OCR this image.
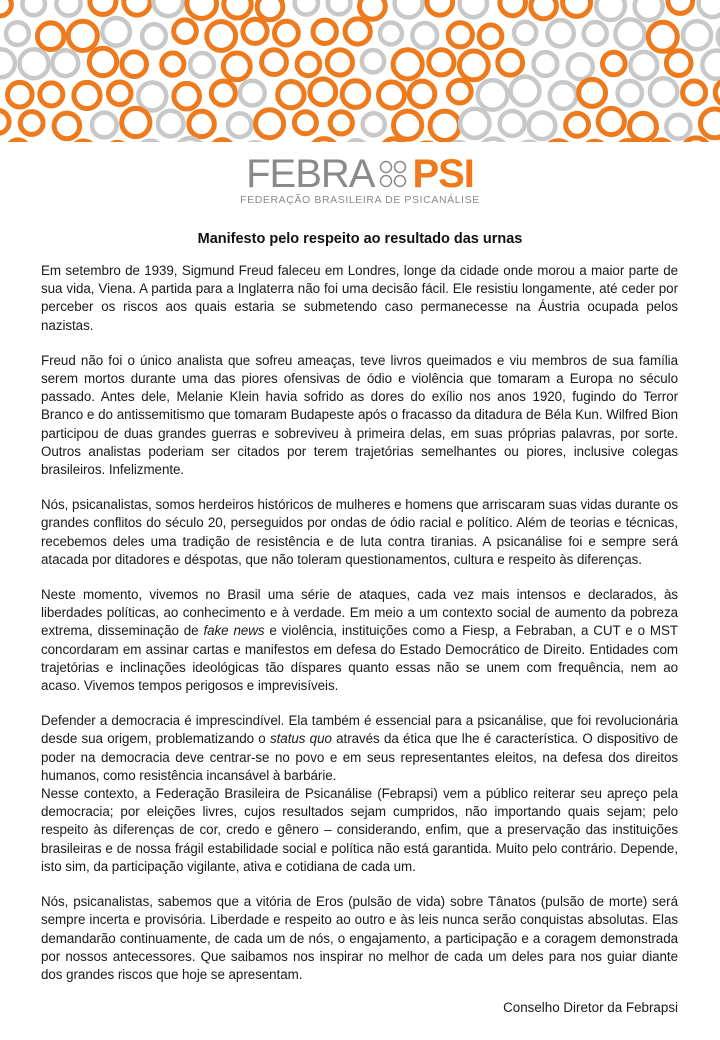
FEBRA PSI
FEDERAÇÃO BRASILEIRA DE PSICANÁLISE
Manifesto pelo respeito ao resultado das urnas

Em setembro de 1939, Sigmund Freud faleceu em Londres, longe da cidade onde morou a maior parte de sua vida, Viena. A partida para a Inglaterra não foi uma decisão fácil. Ele resistiu longamente, até ceder por perceber os riscos aos quais estaria se submetendo caso permanecesse na Áustria ocupada pelos nazistas.

Freud não foi o único analista que sofreu ameaças, teve livros queimados e viu membros de sua família serem mortos durante uma das piores ofensivas de ódio e violência que tomaram a Europa no século passado. Antes dele, Melanie Klein havia sofrido as dores do exílio nos anos 1920, fugindo do Terror Branco e do antissemitismo que tomaram Budapeste após o fracasso da ditadura de Béla Kun. Wilfred Bion participou de duas grandes guerras e sobreviveu à primeira delas, em suas próprias palavras, por sorte. Outros analistas poderiam ser citados por terem trajetórias semelhantes ou piores, inclusive colegas brasileiros. Infelizmente.

Nós, psicanalistas, somos herdeiros históricos de mulheres e homens que arriscaram suas vidas durante os grandes conflitos do século 20, perseguidos por ondas de ódio racial e político. Além de teorias e técnicas, recebemos deles uma tradição de resistência e de luta contra tiranias. A psicanálise foi e sempre será atacada por ditadores e déspotas, que não toleram questionamentos, cultura e respeito às diferenças.

Neste momento, vivemos no Brasil uma série de ataques, cada vez mais intensos e declarados, às liberdades políticas, ao conhecimento e à verdade. Em meio a um contexto social de aumento da pobreza extrema, disseminação de fake news e violência, instituições como a Fiesp, a Febraban, a CUT e o MST concordaram em assinar cartas e manifestos em defesa do Estado Democrático de Direito. Entidades com trajetórias e inclinações ideológicas tão díspares quanto essas não se unem com frequência, nem ao acaso. Vivemos tempos perigosos e imprevisíveis.

Defender a democracia é imprescindível. Ela também é essencial para a psicanálise, que foi revolucionária desde sua origem, problematizando o status quo através da ética que lhe é característica. O dispositivo de poder na democracia deve centrar-se no povo e em seus representantes eleitos, na defesa dos direitos humanos, como resistência incansável à barbárie.

Nesse contexto, a Federação Brasileira de Psicanálise (Febrapsi) vem a público reiterar seu apreço pela democracia; por eleições livres, cujos resultados sejam cumpridos, não importando quais sejam; pelo respeito às diferenças de cor, credo e gênero – considerando, enfim, que a preservação das instituições brasileiras e de nossa frágil estabilidade social e política não está garantida. Muito pelo contrário. Depende, isto sim, da participação vigilante, ativa e cotidiana de cada um.

Nós, psicanalistas, sabemos que a vitória de Eros (pulsão de vida) sobre Tânatos (pulsão de morte) será sempre incerta e provisória. Liberdade e respeito ao outro e às leis nunca serão conquistas absolutas. Elas demandarão continuamente, de cada um de nós, o engajamento, a participação e a coragem demonstrada por nossos antecessores. Que saibamos nos inspirar no melhor de cada um deles para nos guiar diante dos grandes riscos que hoje se apresentam.

Conselho Diretor da Febrapsi
